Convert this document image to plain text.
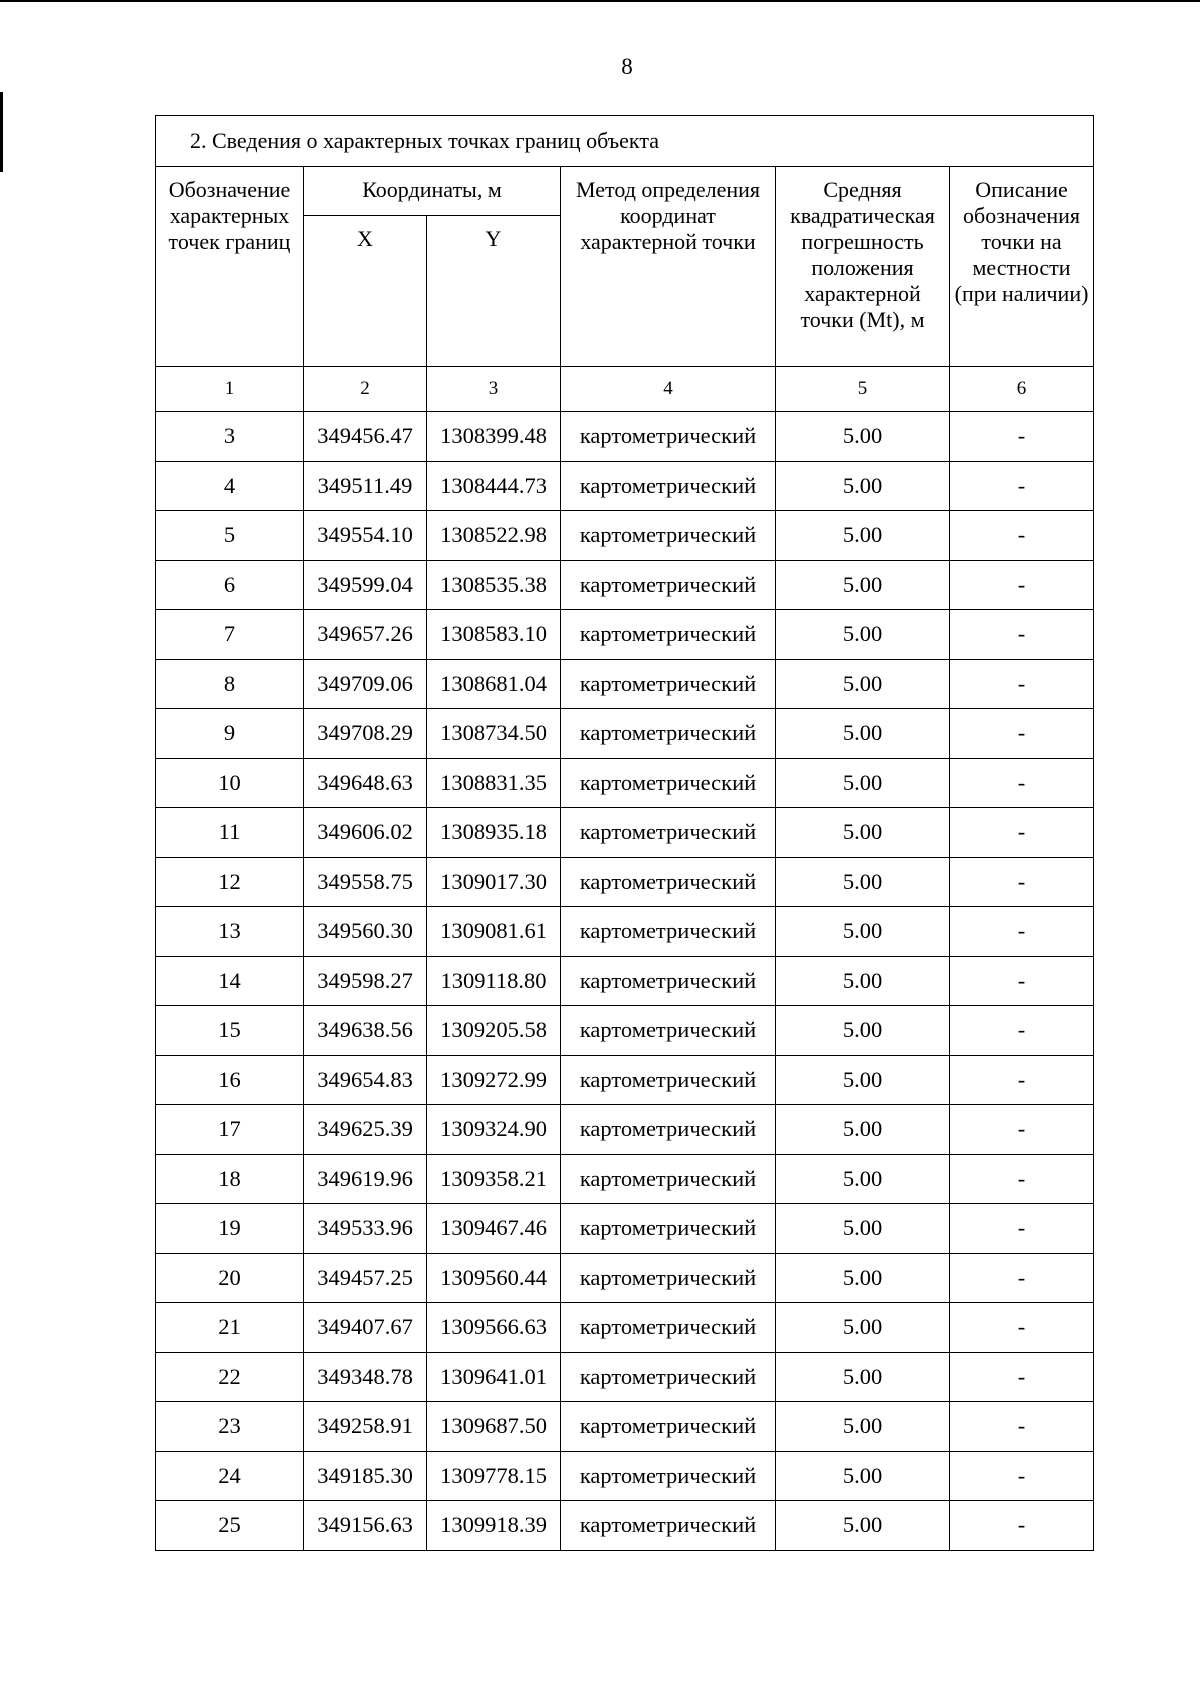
8
2. Сведения о характерных точках границ объекта					
Обозначение характерных точек границ	Координаты, м		Метод определения координат характерной точки	Средняя квадратическая погрешность положения характерной точки (Mt), м	Описание обозначения точки на местности (при наличии)
	X	Y			
1	2	3	4	5	6
3	349456.47	1308399.48	картометрический	5.00	-
4	349511.49	1308444.73	картометрический	5.00	-
5	349554.10	1308522.98	картометрический	5.00	-
6	349599.04	1308535.38	картометрический	5.00	-
7	349657.26	1308583.10	картометрический	5.00	-
8	349709.06	1308681.04	картометрический	5.00	-
9	349708.29	1308734.50	картометрический	5.00	-
10	349648.63	1308831.35	картометрический	5.00	-
11	349606.02	1308935.18	картометрический	5.00	-
12	349558.75	1309017.30	картометрический	5.00	-
13	349560.30	1309081.61	картометрический	5.00	-
14	349598.27	1309118.80	картометрический	5.00	-
15	349638.56	1309205.58	картометрический	5.00	-
16	349654.83	1309272.99	картометрический	5.00	-
17	349625.39	1309324.90	картометрический	5.00	-
18	349619.96	1309358.21	картометрический	5.00	-
19	349533.96	1309467.46	картометрический	5.00	-
20	349457.25	1309560.44	картометрический	5.00	-
21	349407.67	1309566.63	картометрический	5.00	-
22	349348.78	1309641.01	картометрический	5.00	-
23	349258.91	1309687.50	картометрический	5.00	-
24	349185.30	1309778.15	картометрический	5.00	-
25	349156.63	1309918.39	картометрический	5.00	-
